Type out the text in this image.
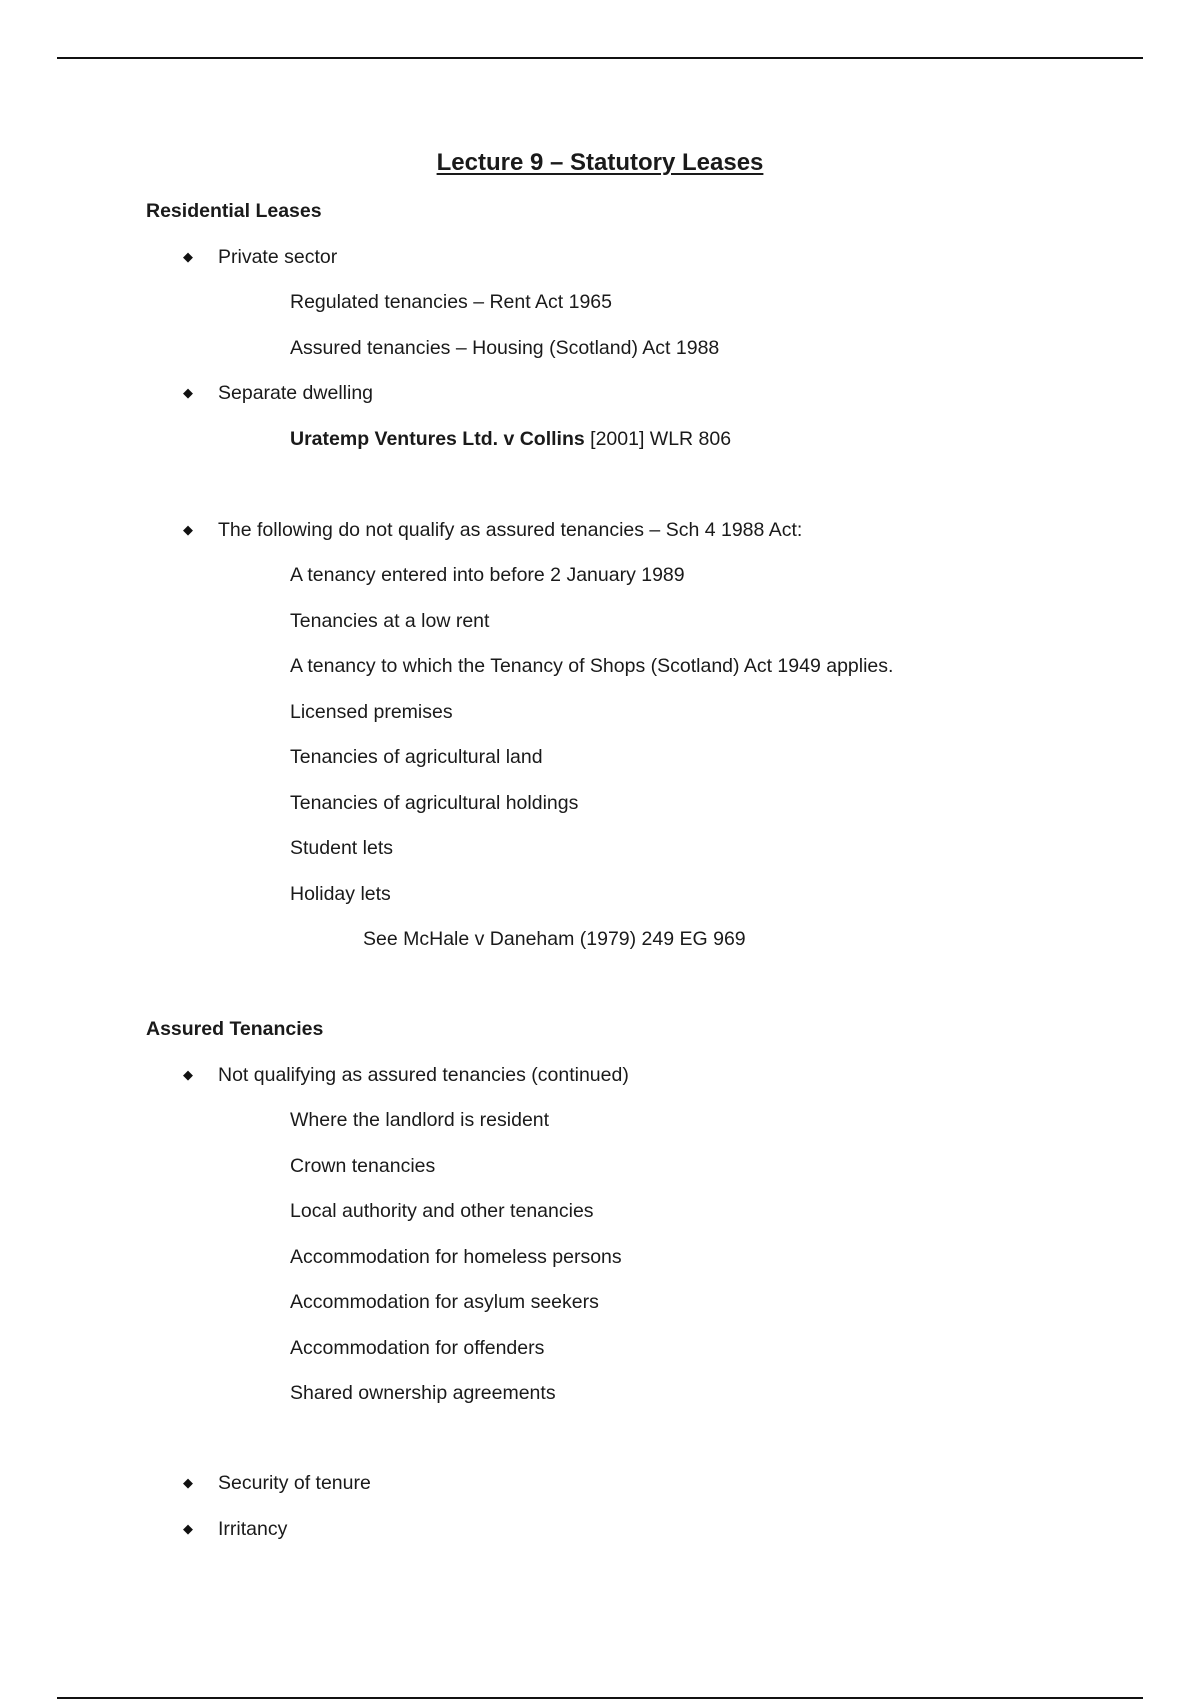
Lecture 9 – Statutory Leases
Residential Leases
◆ Private sector
Regulated tenancies – Rent Act 1965
Assured tenancies – Housing (Scotland) Act 1988
◆ Separate dwelling
Uratemp Ventures Ltd. v Collins [2001] WLR 806
◆ The following do not qualify as assured tenancies – Sch 4 1988 Act:
A tenancy entered into before 2 January 1989
Tenancies at a low rent
A tenancy to which the Tenancy of Shops (Scotland) Act 1949 applies.
Licensed premises
Tenancies of agricultural land
Tenancies of agricultural holdings
Student lets
Holiday lets
See McHale v Daneham (1979) 249 EG 969
Assured Tenancies
◆ Not qualifying as assured tenancies (continued)
Where the landlord is resident
Crown tenancies
Local authority and other tenancies
Accommodation for homeless persons
Accommodation for asylum seekers
Accommodation for offenders
Shared ownership agreements
◆ Security of tenure
◆ Irritancy
